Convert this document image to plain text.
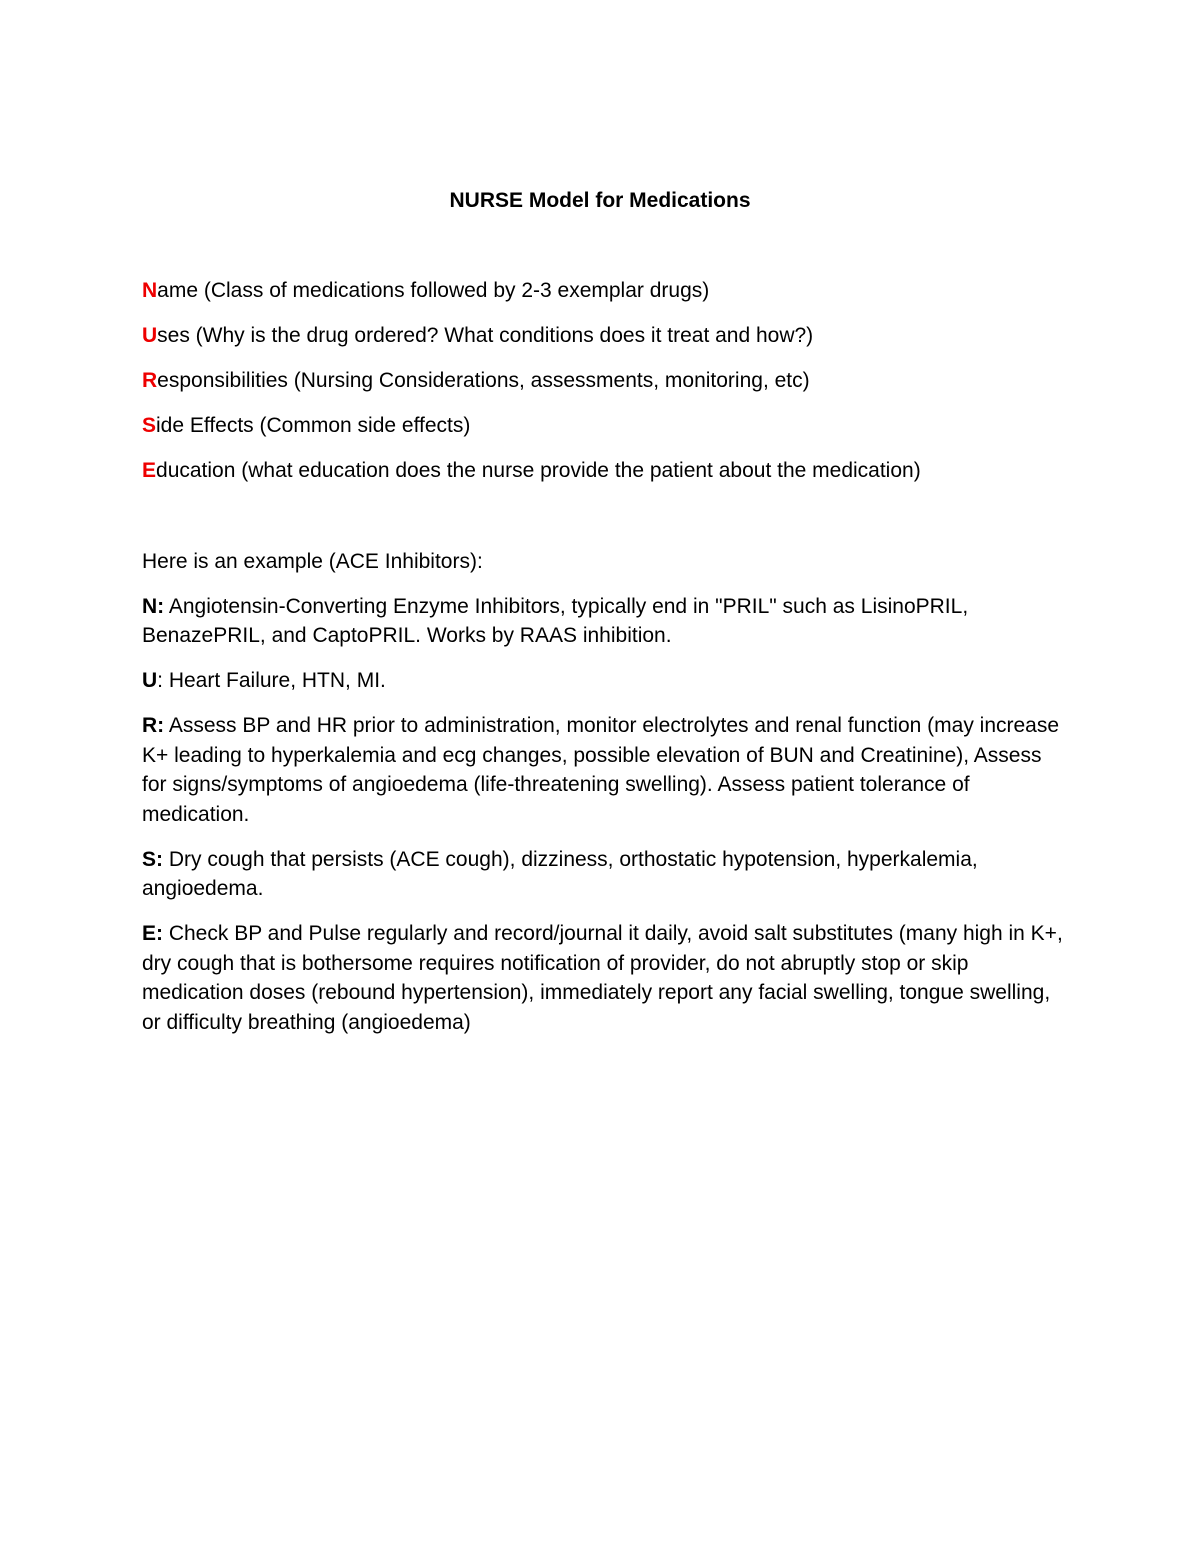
NURSE Model for Medications

Name (Class of medications followed by 2-3 exemplar drugs)

Uses (Why is the drug ordered? What conditions does it treat and how?)

Responsibilities (Nursing Considerations, assessments, monitoring, etc)

Side Effects (Common side effects)

Education (what education does the nurse provide the patient about the medication)

Here is an example (ACE Inhibitors):

N: Angiotensin-Converting Enzyme Inhibitors, typically end in "PRIL" such as LisinoPRIL, BenazePRIL, and CaptoPRIL. Works by RAAS inhibition.

U: Heart Failure, HTN, MI.

R: Assess BP and HR prior to administration, monitor electrolytes and renal function (may increase K+ leading to hyperkalemia and ecg changes, possible elevation of BUN and Creatinine), Assess for signs/symptoms of angioedema (life-threatening swelling). Assess patient tolerance of medication.

S: Dry cough that persists (ACE cough), dizziness, orthostatic hypotension, hyperkalemia, angioedema.

E: Check BP and Pulse regularly and record/journal it daily, avoid salt substitutes (many high in K+, dry cough that is bothersome requires notification of provider, do not abruptly stop or skip medication doses (rebound hypertension), immediately report any facial swelling, tongue swelling, or difficulty breathing (angioedema)
